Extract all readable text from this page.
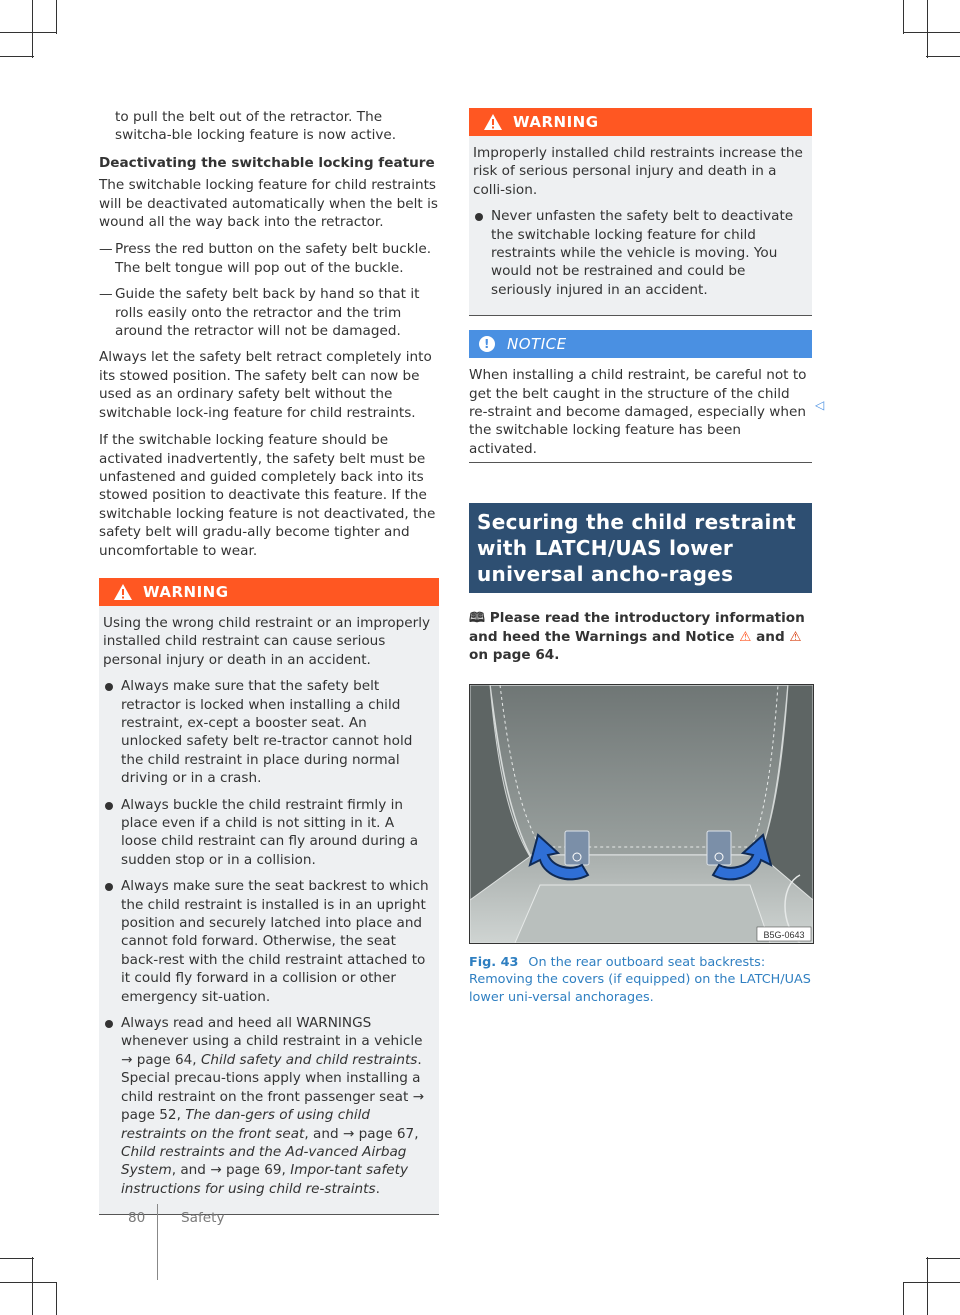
to pull the belt out of the retractor. The switcha-ble locking feature is now active.

Deactivating the switchable locking feature

The switchable locking feature for child restraints will be deactivated automatically when the belt is wound all the way back into the retractor.

— Press the red button on the safety belt buckle. The belt tongue will pop out of the buckle.
— Guide the safety belt back by hand so that it rolls easily onto the retractor and the trim around the retractor will not be damaged.

Always let the safety belt retract completely into its stowed position. The safety belt can now be used as an ordinary safety belt without the switchable lock-ing feature for child restraints.

If the switchable locking feature should be activated inadvertently, the safety belt must be unfastened and guided completely back into its stowed position to deactivate this feature. If the switchable locking feature is not deactivated, the safety belt will gradu-ally become tighter and uncomfortable to wear.

WARNING

Using the wrong child restraint or an improperly installed child restraint can cause serious personal injury or death in an accident.

Always make sure that the safety belt retractor is locked when installing a child restraint, ex-cept a booster seat. An unlocked safety belt re-tractor cannot hold the child restraint in place during normal driving or in a crash.
Always buckle the child restraint firmly in place even if a child is not sitting in it. A loose child restraint can fly around during a sudden stop or in a collision.
Always make sure the seat backrest to which the child restraint is installed is in an upright position and securely latched into place and cannot fold forward. Otherwise, the seat back-rest with the child restraint attached to it could fly forward in a collision or other emergency sit-uation.
Always read and heed all WARNINGS whenever using a child restraint in a vehicle → page 64, Child safety and child restraints. Special precau-tions apply when installing a child restraint on the front passenger seat → page 52, The dan-gers of using child restraints on the front seat, and → page 67, Child restraints and the Ad-vanced Airbag System, and → page 69, Impor-tant safety instructions for using child re-straints.
WARNING

Improperly installed child restraints increase the risk of serious personal injury and death in a colli-sion.

Never unfasten the safety belt to deactivate the switchable locking feature for child restraints while the vehicle is moving. You would not be restrained and could be seriously injured in an accident.
!	NOTICE
When installing a child restraint, be careful not to get the belt caught in the structure of the child re-straint and become damaged, especially when the switchable locking feature has been activated.
◁
Securing the child restraint with LATCH/UAS lower universal ancho-rages

🕮 Please read the introductory information and heed the Warnings and Notice ⚠ and ⚠ on page 64.

B5G-0643
Fig. 43 On the rear outboard seat backrests: Removing the covers (if equipped) on the LATCH/UAS lower uni-versal anchorages.
80	Safety
